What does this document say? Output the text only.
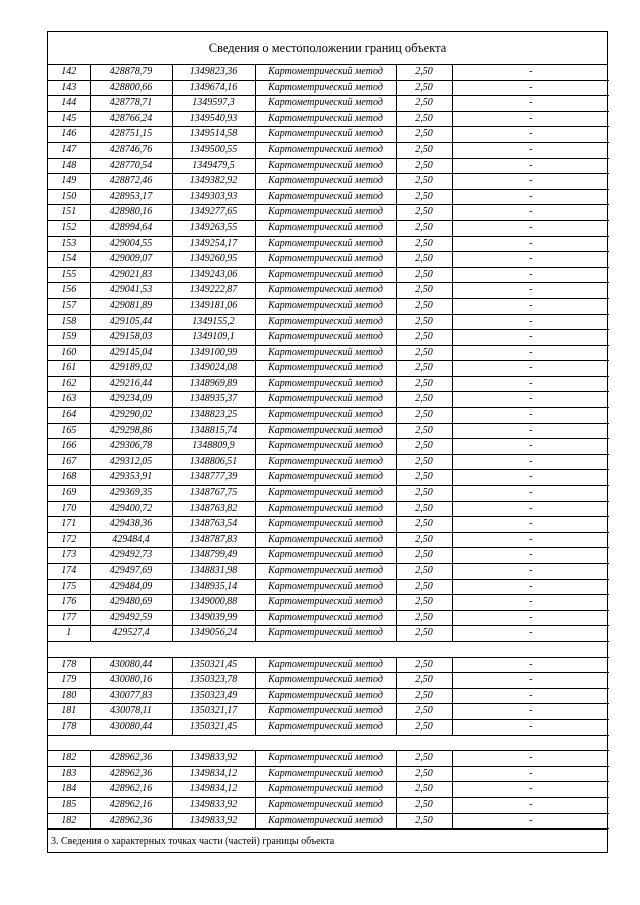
Сведения о местоположении границ объекта
142	428878,79	1349823,36	Картометрический метод	2,50	-
143	428800,66	1349674,16	Картометрический метод	2,50	-
144	428778,71	1349597,3	Картометрический метод	2,50	-
145	428766,24	1349540,93	Картометрический метод	2,50	-
146	428751,15	1349514,58	Картометрический метод	2,50	-
147	428746,76	1349500,55	Картометрический метод	2,50	-
148	428770,54	1349479,5	Картометрический метод	2,50	-
149	428872,46	1349382,92	Картометрический метод	2,50	-
150	428953,17	1349303,93	Картометрический метод	2,50	-
151	428980,16	1349277,65	Картометрический метод	2,50	-
152	428994,64	1349263,55	Картометрический метод	2,50	-
153	429004,55	1349254,17	Картометрический метод	2,50	-
154	429009,07	1349260,95	Картометрический метод	2,50	-
155	429021,83	1349243,06	Картометрический метод	2,50	-
156	429041,53	1349222,87	Картометрический метод	2,50	-
157	429081,89	1349181,06	Картометрический метод	2,50	-
158	429105,44	1349155,2	Картометрический метод	2,50	-
159	429158,03	1349109,1	Картометрический метод	2,50	-
160	429145,04	1349100,99	Картометрический метод	2,50	-
161	429189,02	1349024,08	Картометрический метод	2,50	-
162	429216,44	1348969,89	Картометрический метод	2,50	-
163	429234,09	1348935,37	Картометрический метод	2,50	-
164	429290,02	1348823,25	Картометрический метод	2,50	-
165	429298,86	1348815,74	Картометрический метод	2,50	-
166	429306,78	1348809,9	Картометрический метод	2,50	-
167	429312,05	1348806,51	Картометрический метод	2,50	-
168	429353,91	1348777,39	Картометрический метод	2,50	-
169	429369,35	1348767,75	Картометрический метод	2,50	-
170	429400,72	1348763,82	Картометрический метод	2,50	-
171	429438,36	1348763,54	Картометрический метод	2,50	-
172	429484,4	1348787,83	Картометрический метод	2,50	-
173	429492,73	1348799,49	Картометрический метод	2,50	-
174	429497,69	1348831,98	Картометрический метод	2,50	-
175	429484,09	1348935,14	Картометрический метод	2,50	-
176	429480,69	1349000,88	Картометрический метод	2,50	-
177	429492,59	1349039,99	Картометрический метод	2,50	-
1	429527,4	1349056,24	Картометрический метод	2,50	-

178	430080,44	1350321,45	Картометрический метод	2,50	-
179	430080,16	1350323,78	Картометрический метод	2,50	-
180	430077,83	1350323,49	Картометрический метод	2,50	-
181	430078,11	1350321,17	Картометрический метод	2,50	-
178	430080,44	1350321,45	Картометрический метод	2,50	-

182	428962,36	1349833,92	Картометрический метод	2,50	-
183	428962,36	1349834,12	Картометрический метод	2,50	-
184	428962,16	1349834,12	Картометрический метод	2,50	-
185	428962,16	1349833,92	Картометрический метод	2,50	-
182	428962,36	1349833,92	Картометрический метод	2,50	-
3. Сведения о характерных точках части (частей) границы объекта
